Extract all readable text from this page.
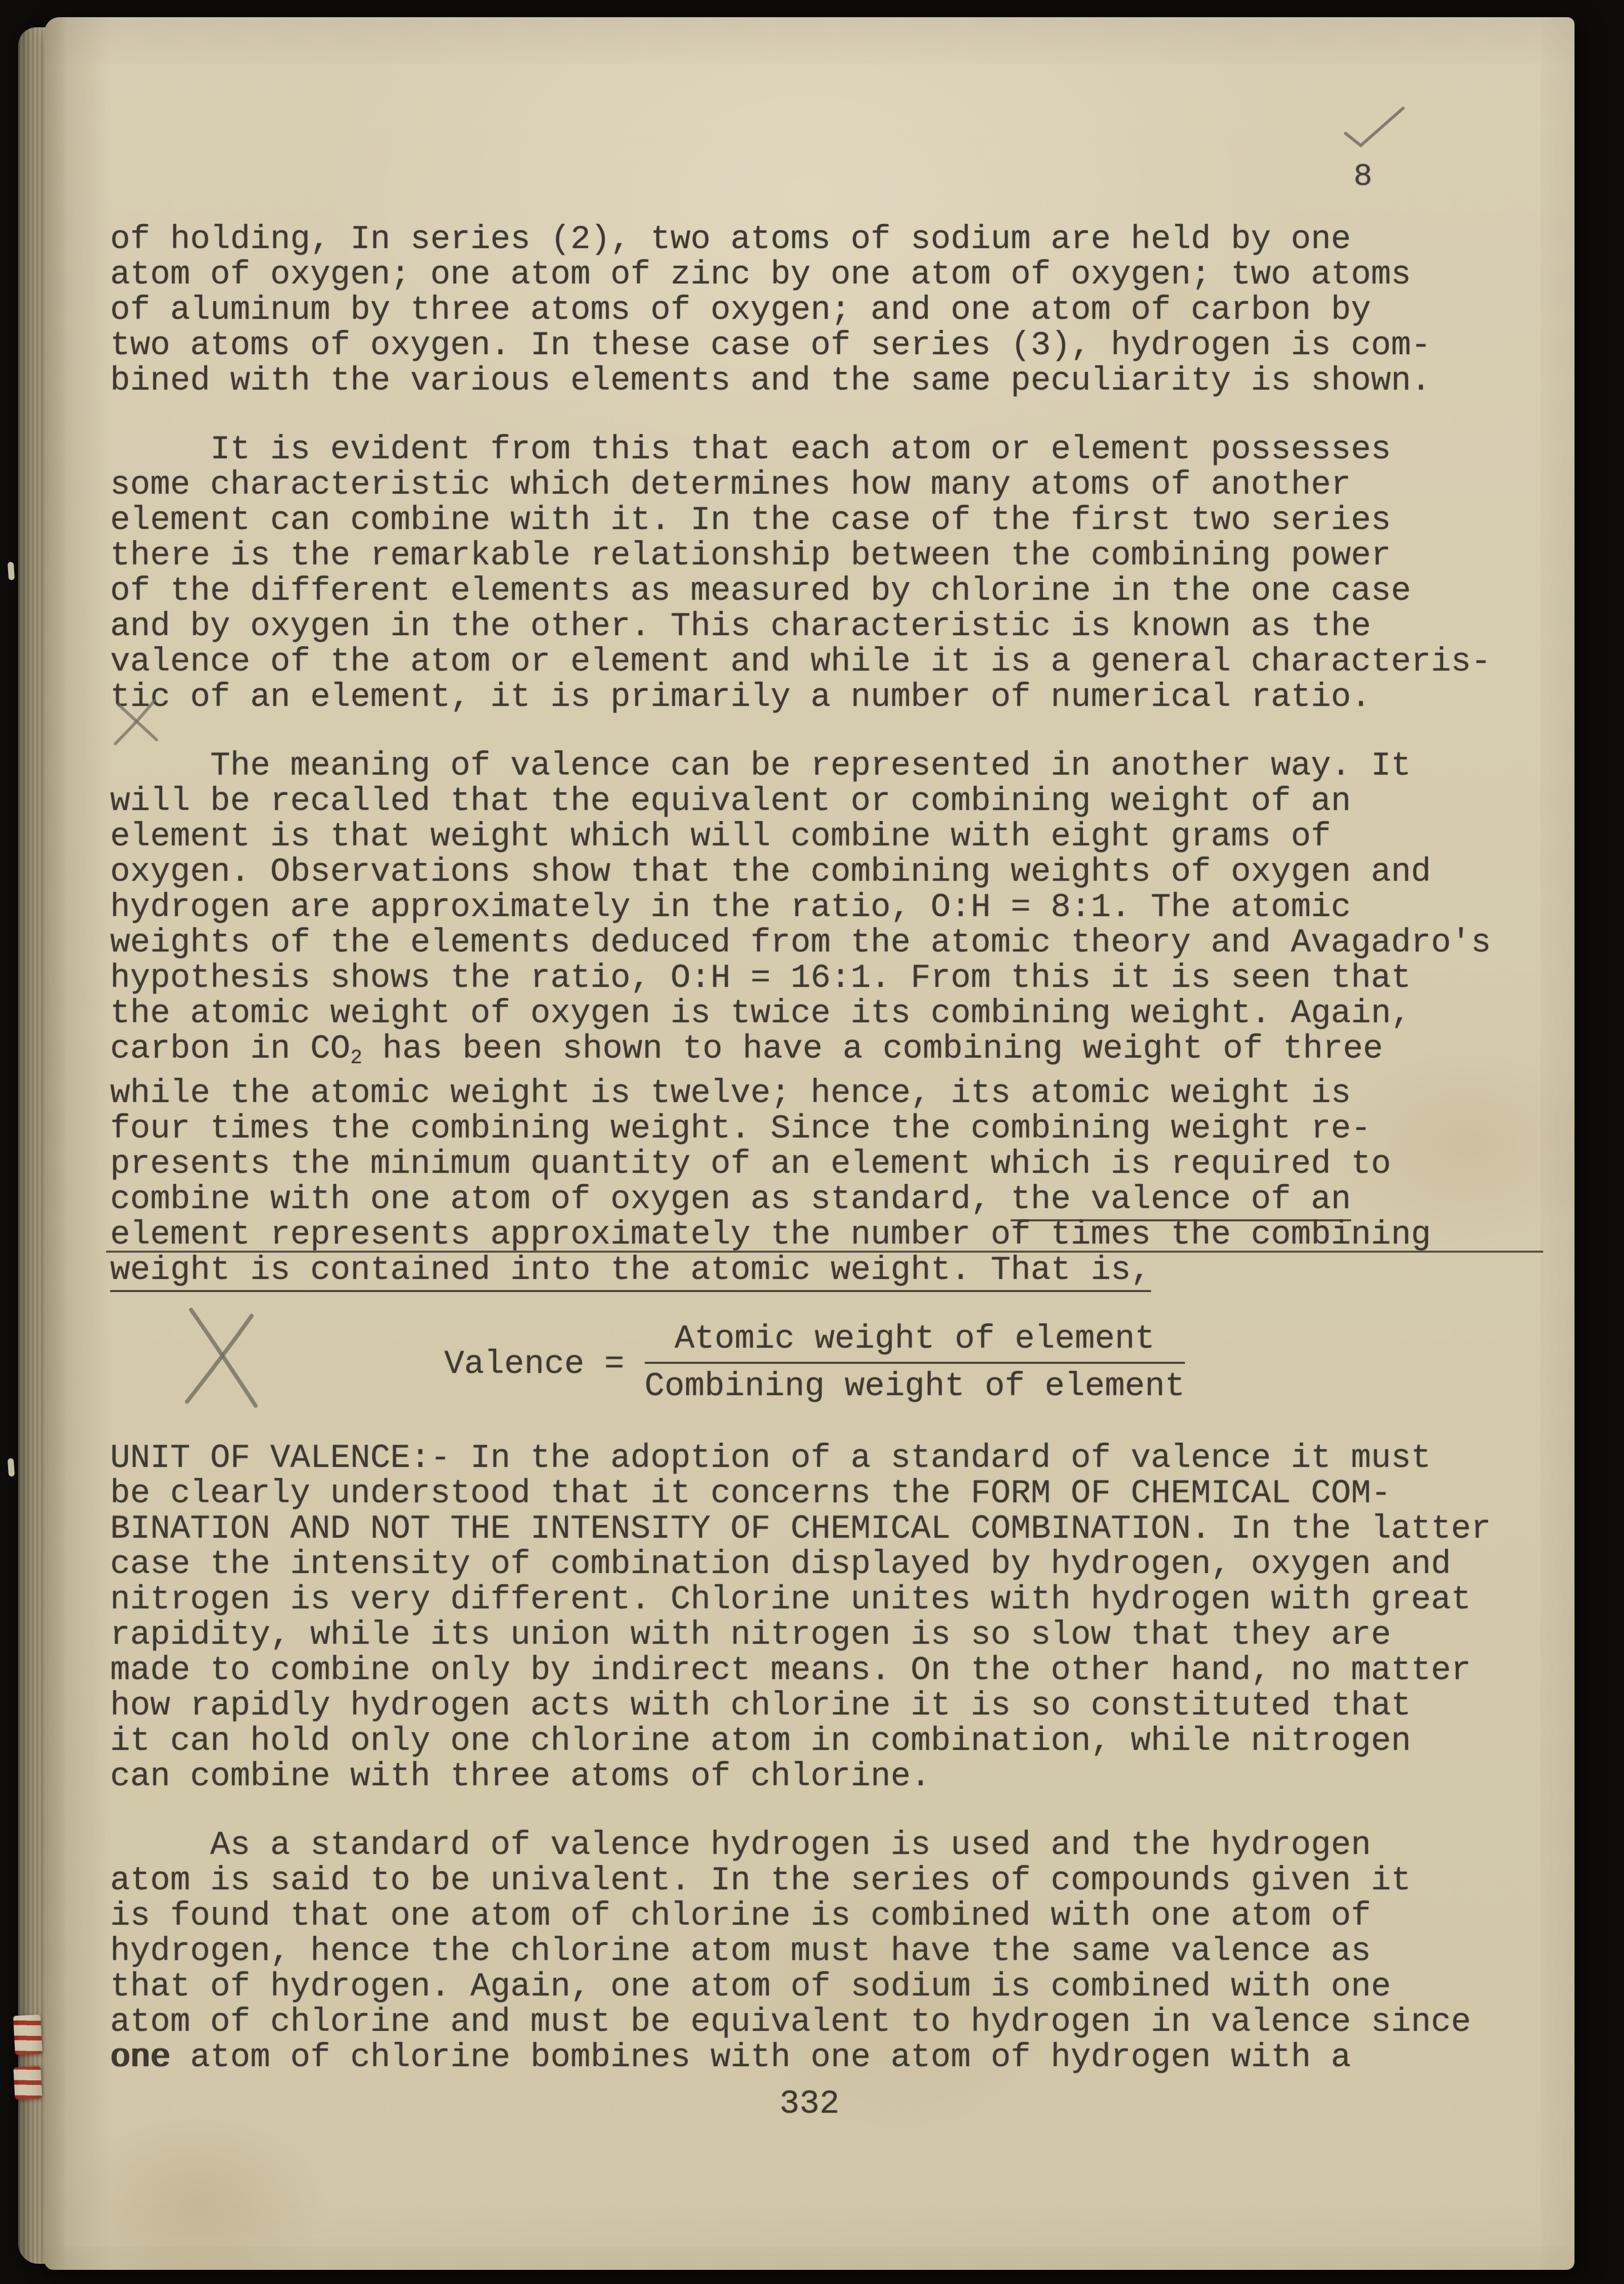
8
of holding, In series (2), two atoms of sodium are held by one
atom of oxygen; one atom of zinc by one atom of oxygen; two atoms
of aluminum by three atoms of oxygen; and one atom of carbon by
two atoms of oxygen. In these case of series (3), hydrogen is com-
bined with the various elements and the same peculiarity is shown.
It is evident from this that each atom or element possesses
some characteristic which determines how many atoms of another
element can combine with it. In the case of the first two series
there is the remarkable relationship between the combining power
of the different elements as measured by chlorine in the one case
and by oxygen in the other. This characteristic is known as the
valence of the atom or element and while it is a general characteris-
tic of an element, it is primarily a number of numerical ratio.
The meaning of valence can be represented in another way. It
will be recalled that the equivalent or combining weight of an
element is that weight which will combine with eight grams of
oxygen. Observations show that the combining weights of oxygen and
hydrogen are approximately in the ratio, O:H = 8:1. The atomic
weights of the elements deduced from the atomic theory and Avagadro's
hypothesis shows the ratio, O:H = 16:1. From this it is seen that
the atomic weight of oxygen is twice its combining weight. Again,
carbon in $CO_2$ has been shown to have a combining weight of three
while the atomic weight is twelve; hence, its atomic weight is
four times the combining weight. Since the combining weight re-
presents the minimum quantity of an element which is required to
combine with one atom of oxygen as standard, the valence of an
element represents approximately the number of times the combining
weight is contained into the atomic weight. That is,
Valence = $\frac{\text{Atomic weight of element}}{\text{Combining weight of element}}$
UNIT OF VALENCE:- In the adoption of a standard of valence it must
be clearly understood that it concerns the FORM OF CHEMICAL COM-
BINATION AND NOT THE INTENSITY OF CHEMICAL COMBINATION. In the latter
case the intensity of combination displayed by hydrogen, oxygen and
nitrogen is very different. Chlorine unites with hydrogen with great
rapidity, while its union with nitrogen is so slow that they are
made to combine only by indirect means. On the other hand, no matter
how rapidly hydrogen acts with chlorine it is so constituted that
it can hold only one chlorine atom in combination, while nitrogen
can combine with three atoms of chlorine.
As a standard of valence hydrogen is used and the hydrogen
atom is said to be univalent. In the series of compounds given it
is found that one atom of chlorine is combined with one atom of
hydrogen, hence the chlorine atom must have the same valence as
that of hydrogen. Again, one atom of sodium is combined with one
atom of chlorine and must be equivalent to hydrogen in valence since
one atom of chlorine bombines with one atom of hydrogen with a
332
